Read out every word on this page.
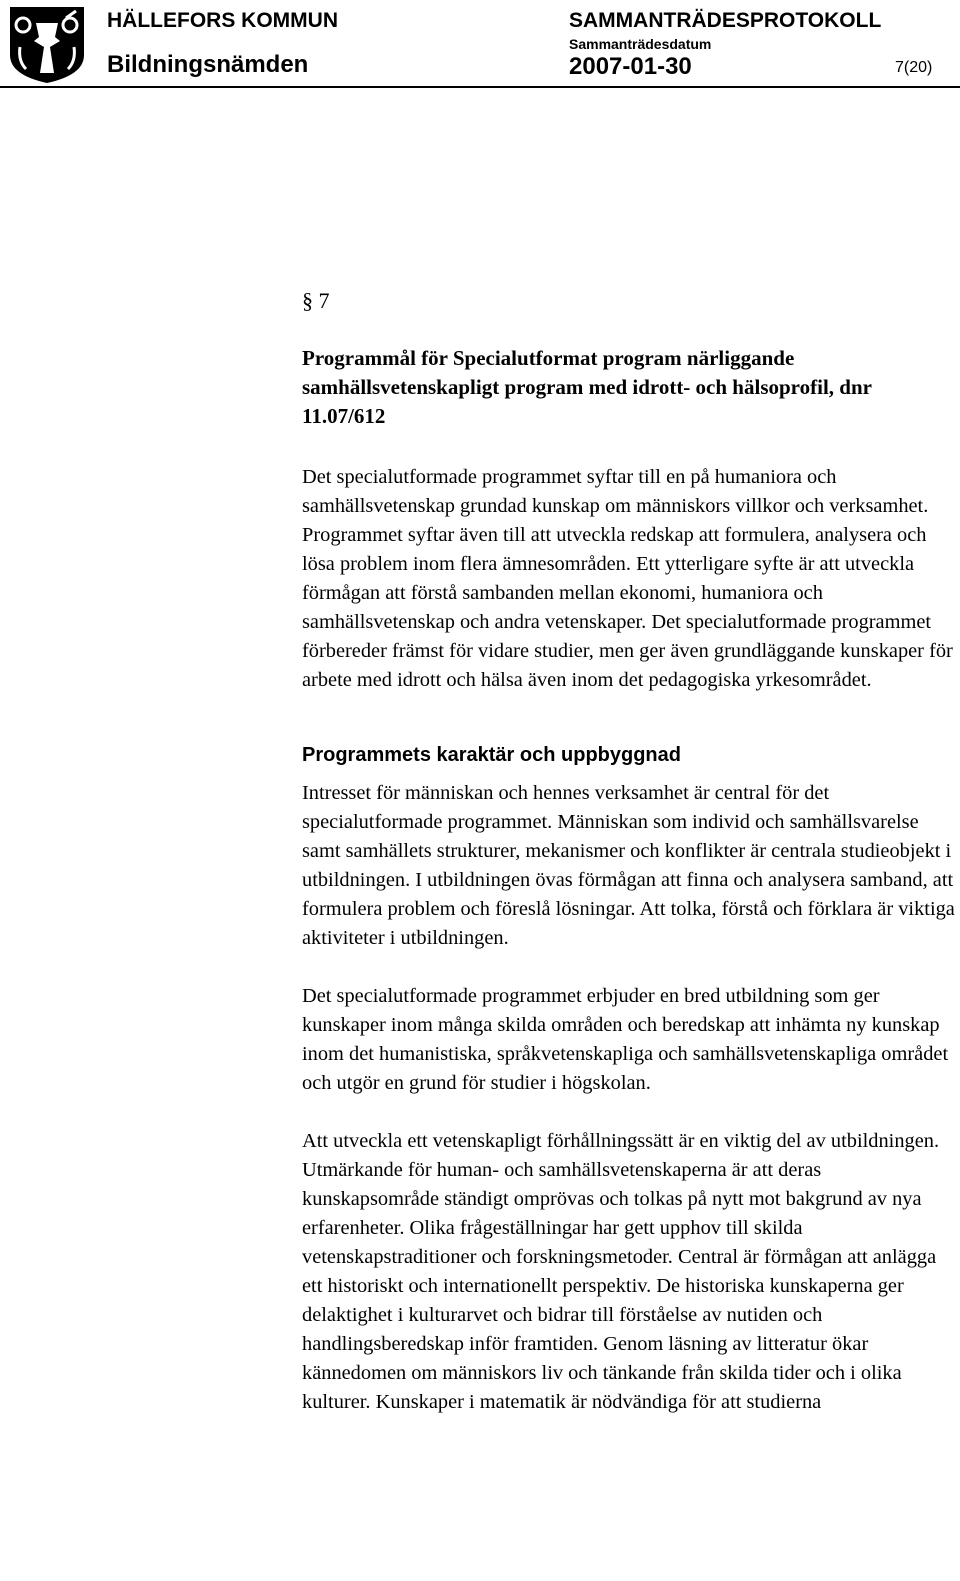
HÄLLEFORS KOMMUN
Bildningsnämden
SAMMANTRÄDESPROTOKOLL
Sammanträdesdatum
2007-01-30	7(20)
§ 7
Programmål för Specialutformat program närliggande samhällsvetenskapligt program med idrott- och hälsoprofil, dnr 11.07/612

Det specialutformade programmet syftar till en på humaniora och samhällsvetenskap grundad kunskap om människors villkor och verksamhet. Programmet syftar även till att utveckla redskap att formulera, analysera och lösa problem inom flera ämnesområden. Ett ytterligare syfte är att utveckla förmågan att förstå sambanden mellan ekonomi, humaniora och samhällsvetenskap och andra vetenskaper. Det specialutformade programmet förbereder främst för vidare studier, men ger även grundläggande kunskaper för arbete med idrott och hälsa även inom det pedagogiska yrkesområdet.

Programmets karaktär och uppbyggnad

Intresset för människan och hennes verksamhet är central för det specialutformade programmet. Människan som individ och samhällsvarelse samt samhällets strukturer, mekanismer och konflikter är centrala studieobjekt i utbildningen. I utbildningen övas förmågan att finna och analysera samband, att formulera problem och föreslå lösningar. Att tolka, förstå och förklara är viktiga aktiviteter i utbildningen.

Det specialutformade programmet erbjuder en bred utbildning som ger kunskaper inom många skilda områden och beredskap att inhämta ny kunskap inom det humanistiska, språkvetenskapliga och samhällsvetenskapliga området och utgör en grund för studier i högskolan.

Att utveckla ett vetenskapligt förhållningssätt är en viktig del av utbildningen. Utmärkande för human- och samhällsvetenskaperna är att deras kunskapsområde ständigt omprövas och tolkas på nytt mot bakgrund av nya erfarenheter. Olika frågeställningar har gett upphov till skilda vetenskapstraditioner och forskningsmetoder. Central är förmågan att anlägga ett historiskt och internationellt perspektiv. De historiska kunskaperna ger delaktighet i kulturarvet och bidrar till förståelse av nutiden och handlingsberedskap inför framtiden. Genom läsning av litteratur ökar kännedomen om människors liv och tänkande från skilda tider och i olika kulturer. Kunskaper i matematik är nödvändiga för att studierna
